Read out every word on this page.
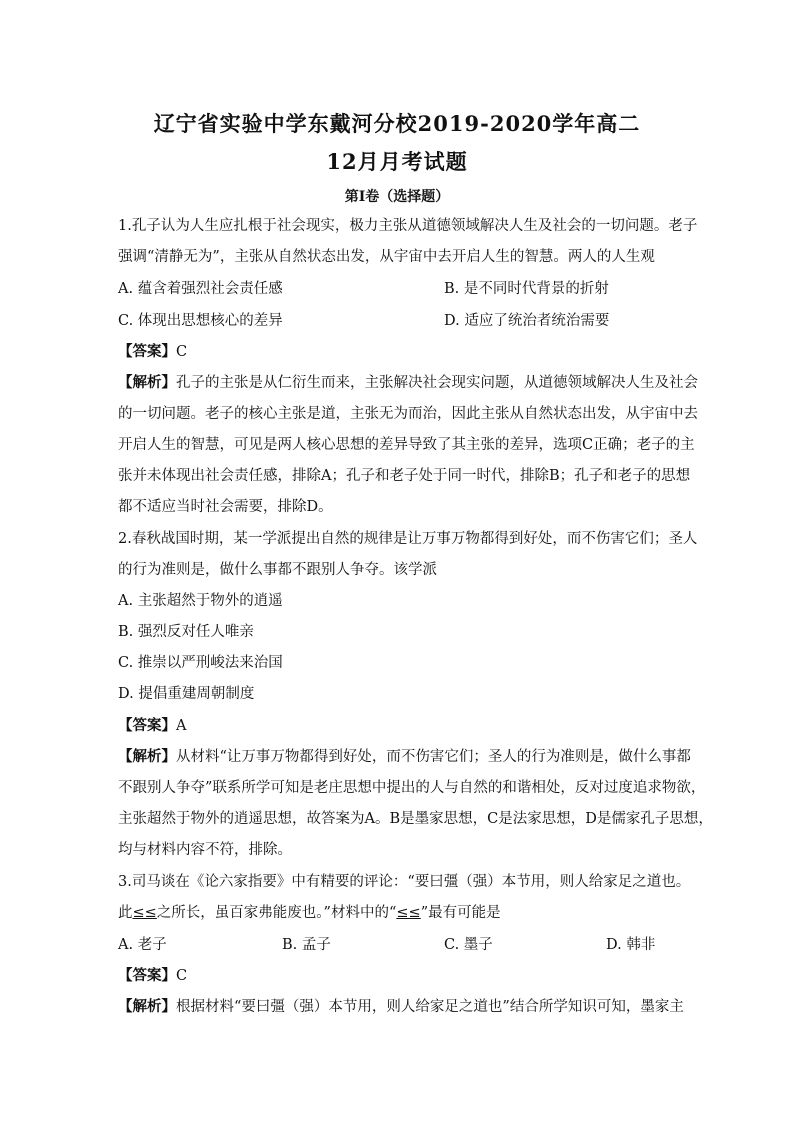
辽宁省实验中学东戴河分校2019-2020学年高二
12月月考试题
第Ⅰ卷（选择题）
1.孔子认为人生应扎根于社会现实，极力主张从道德领域解决人生及社会的一切问题。老子
强调“清静无为”，主张从自然状态出发，从宇宙中去开启人生的智慧。两人的人生观
A. 蕴含着强烈社会责任感	B. 是不同时代背景的折射
C. 体现出思想核心的差异	D. 适应了统治者统治需要
【答案】C
【解析】孔子的主张是从仁衍生而来，主张解决社会现实问题，从道德领域解决人生及社会
的一切问题。老子的核心主张是道，主张无为而治，因此主张从自然状态出发，从宇宙中去
开启人生的智慧，可见是两人核心思想的差异导致了其主张的差异，选项C正确；老子的主
张并未体现出社会责任感，排除A；孔子和老子处于同一时代，排除B；孔子和老子的思想
都不适应当时社会需要，排除D。
2.春秋战国时期，某一学派提出自然的规律是让万事万物都得到好处，而不伤害它们；圣人
的行为准则是，做什么事都不跟别人争夺。该学派
A. 主张超然于物外的逍遥
B. 强烈反对任人唯亲
C. 推崇以严刑峻法来治国
D. 提倡重建周朝制度
【答案】A
【解析】从材料“让万事万物都得到好处，而不伤害它们；圣人的行为准则是，做什么事都
不跟别人争夺”联系所学可知是老庄思想中提出的人与自然的和谐相处，反对过度追求物欲，
主张超然于物外的逍遥思想，故答案为A。B是墨家思想，C是法家思想，D是儒家孔子思想，
均与材料内容不符，排除。
3.司马谈在《论六家指要》中有精要的评论：“要曰彊（强）本节用，则人给家足之道也。
此≤≤之所长，虽百家弗能废也。”材料中的“≤≤”最有可能是
A. 老子	B. 孟子	C. 墨子	D. 韩非
【答案】C
【解析】根据材料“要曰彊（强）本节用，则人给家足之道也”结合所学知识可知，墨家主
